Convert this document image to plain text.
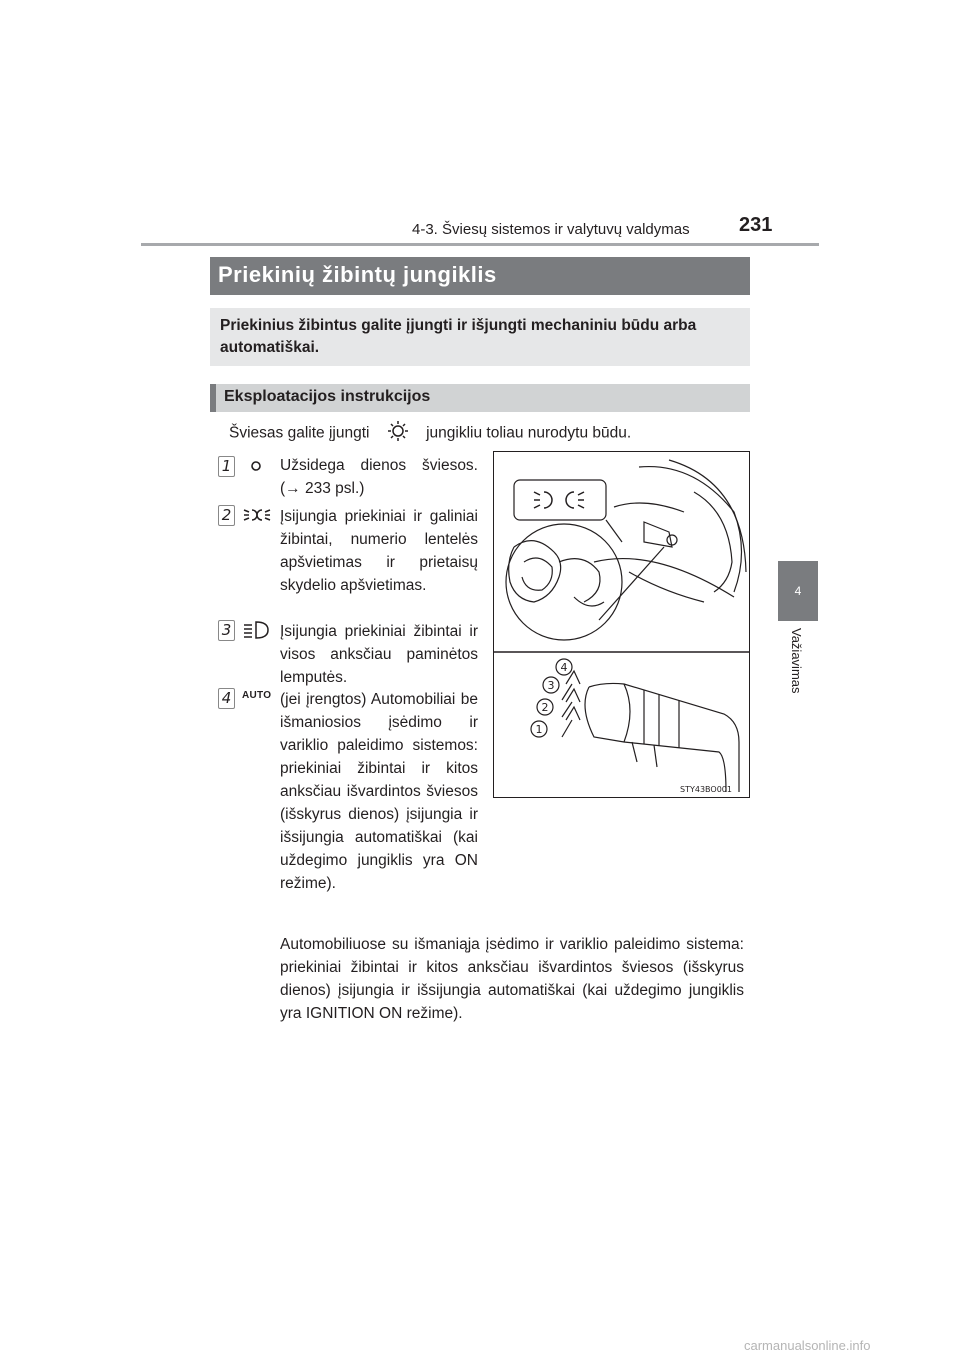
4-3. Šviesų sistemos ir valytuvų valdymas 231
4
Važiavimas
Priekinių žibintų jungiklis

Priekinius žibintus galite įjungti ir išjungti mechaniniu būdu arba automatiškai.

Eksploatacijos instrukcijos
Šviesas galite įjungti	jungikliu toliau nurodytu būdu.
1	Užsidega dienos šviesos. (→ 233 psl.)
2	Įsijungia priekiniai ir galiniai žibintai, numerio lentelės apšvietimas ir prietaisų skydelio apšvietimas.
3	Įsijungia priekiniai žibintai ir visos anksčiau paminėtos lemputės.
4	AUTO (jei įrengtos) Automobiliai be išmaniosios įsėdimo ir variklio paleidimo sistemos: priekiniai žibintai ir kitos anksčiau išvardintos šviesos (išskyrus dienos) įsijungia ir išsijungia automatiškai (kai uždegimo jungiklis yra ON režime).
4
3
2
1
STY43BO001
Automobiliuose su išmaniąja įsėdimo ir variklio paleidimo sistema: priekiniai žibintai ir kitos anksčiau išvardintos šviesos (išskyrus dienos) įsijungia ir išsijungia automatiškai (kai uždegimo jungiklis yra IGNITION ON režime).
carmanualsonline.info
